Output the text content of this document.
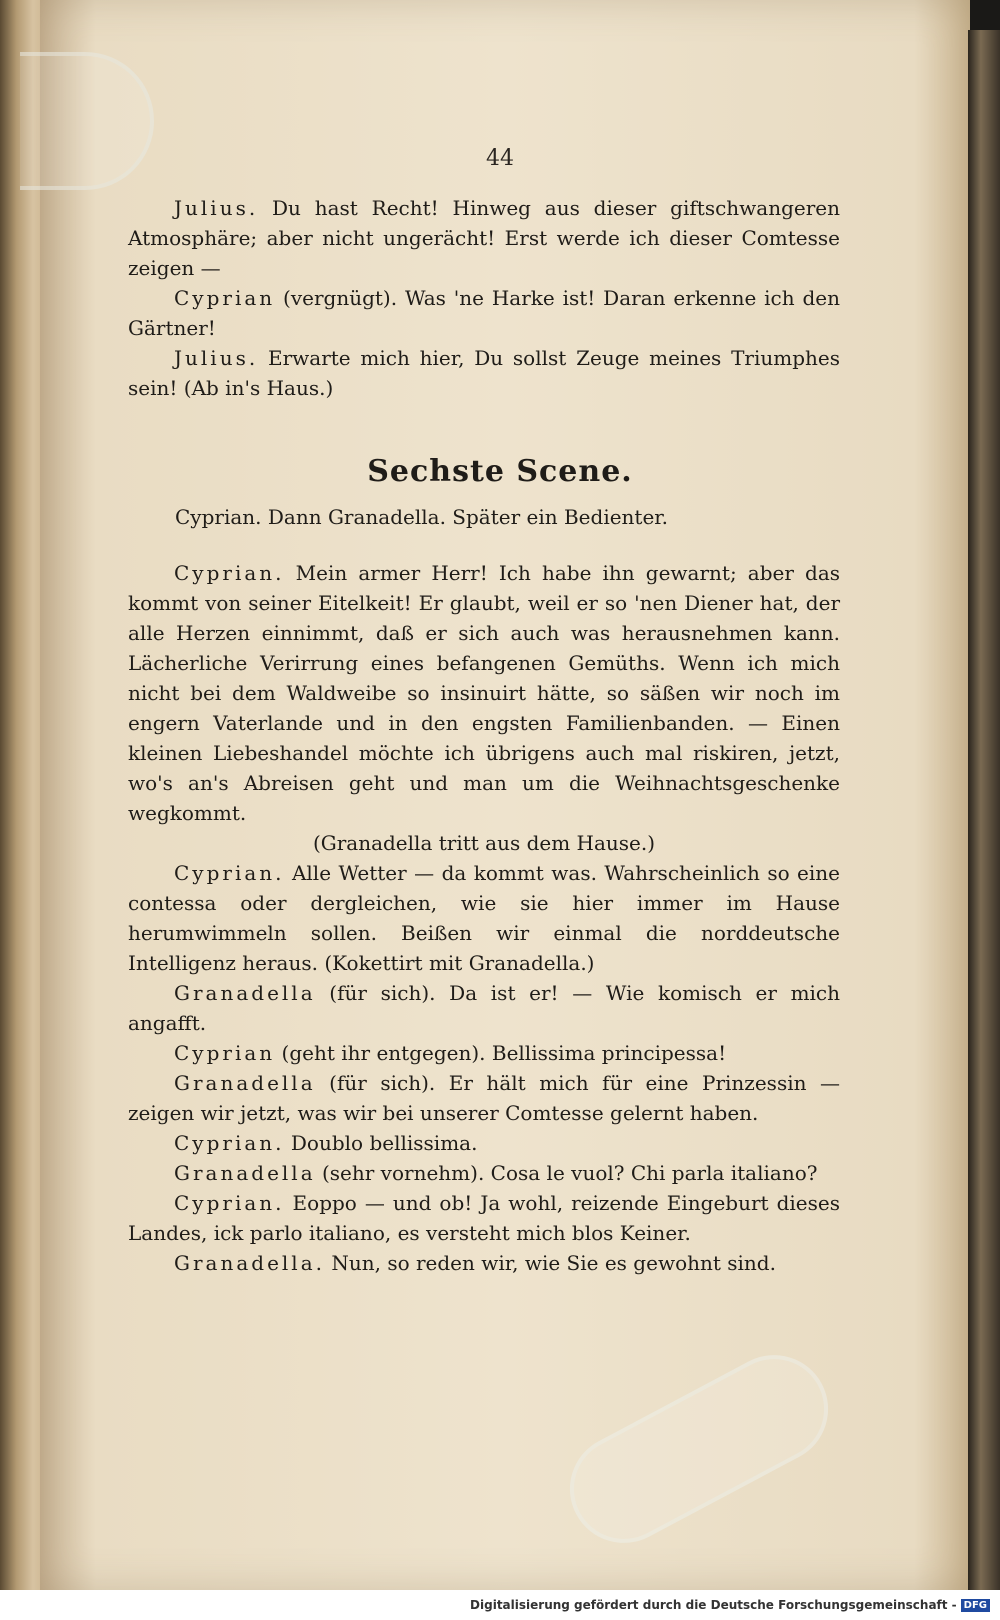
44

Julius. Du hast Recht! Hinweg aus dieser giftschwangeren Atmosphäre; aber nicht ungerächt! Erst werde ich dieser Comtesse zeigen —

Cyprian (vergnügt). Was 'ne Harke ist! Daran erkenne ich den Gärtner!

Julius. Erwarte mich hier, Du sollst Zeuge meines Triumphes sein! (Ab in's Haus.)

Sechste Scene.
Cyprian. Dann Granadella. Später ein Bedienter.

Cyprian. Mein armer Herr! Ich habe ihn gewarnt; aber das kommt von seiner Eitelkeit! Er glaubt, weil er so 'nen Diener hat, der alle Herzen einnimmt, daß er sich auch was herausnehmen kann. Lächerliche Verirrung eines befangenen Gemüths. Wenn ich mich nicht bei dem Waldweibe so insinuirt hätte, so säßen wir noch im engern Vaterlande und in den engsten Familienbanden. — Einen kleinen Liebeshandel möchte ich übrigens auch mal riskiren, jetzt, wo's an's Abreisen geht und man um die Weihnachtsgeschenke wegkommt.

(Granadella tritt aus dem Hause.)

Cyprian. Alle Wetter — da kommt was. Wahrscheinlich so eine contessa oder dergleichen, wie sie hier immer im Hause herumwimmeln sollen. Beißen wir einmal die norddeutsche Intelligenz heraus. (Kokettirt mit Granadella.)

Granadella (für sich). Da ist er! — Wie komisch er mich angafft.

Cyprian (geht ihr entgegen). Bellissima principessa!

Granadella (für sich). Er hält mich für eine Prinzessin — zeigen wir jetzt, was wir bei unserer Comtesse gelernt haben.

Cyprian. Doublo bellissima.

Granadella (sehr vornehm). Cosa le vuol? Chi parla italiano?

Cyprian. Eoppo — und ob! Ja wohl, reizende Eingeburt dieses Landes, ick parlo italiano, es versteht mich blos Keiner.

Granadella. Nun, so reden wir, wie Sie es gewohnt sind.

Digitalisierung gefördert durch die Deutsche Forschungsgemeinschaft - DFG
